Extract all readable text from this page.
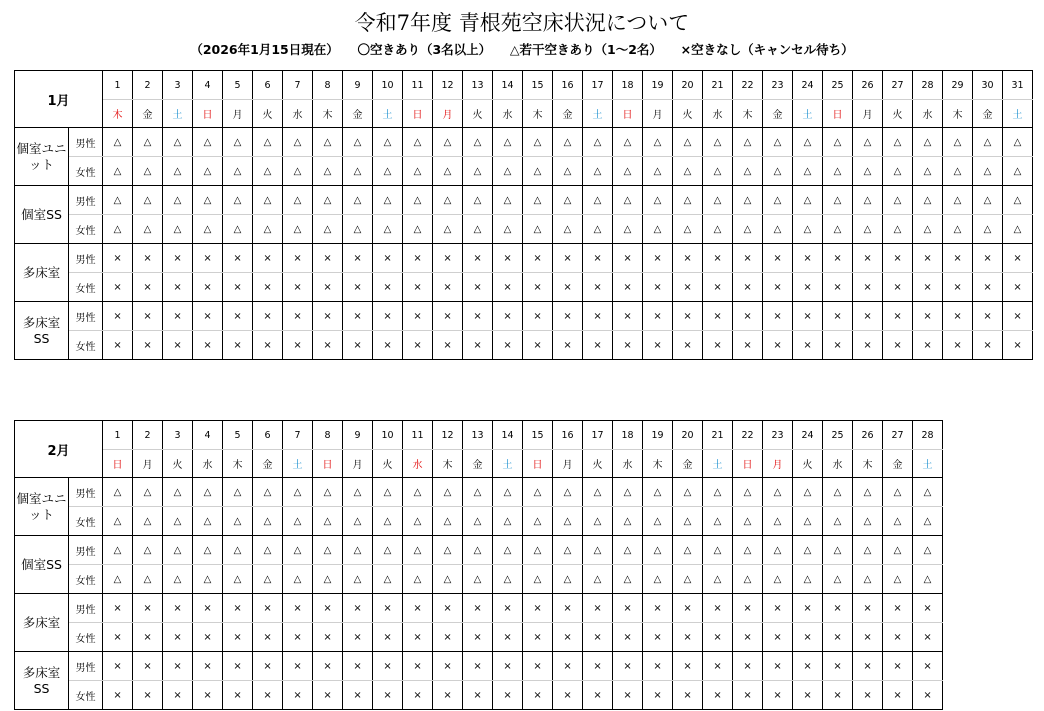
令和7年度 青根苑空床状況について
（2026年1月15日現在）　　〇空きあり（3名以上）　　△若干空きあり（1～2名）　　×空きなし（キャンセル待ち）
1月		1	2	3	4	5	6	7	8	9	10	11	12	13	14	15	16	17	18	19	20	21	22	23	24	25	26	27	28	29	30	31
		木	金	土	日	月	火	水	木	金	土	日	月	火	水	木	金	土	日	月	火	水	木	金	土	日	月	火	水	木	金	土
個室ユニット	男性	△	△	△	△	△	△	△	△	△	△	△	△	△	△	△	△	△	△	△	△	△	△	△	△	△	△	△	△	△	△	△
	女性	△	△	△	△	△	△	△	△	△	△	△	△	△	△	△	△	△	△	△	△	△	△	△	△	△	△	△	△	△	△	△
個室SS	男性	△	△	△	△	△	△	△	△	△	△	△	△	△	△	△	△	△	△	△	△	△	△	△	△	△	△	△	△	△	△	△
	女性	△	△	△	△	△	△	△	△	△	△	△	△	△	△	△	△	△	△	△	△	△	△	△	△	△	△	△	△	△	△	△
多床室	男性	×	×	×	×	×	×	×	×	×	×	×	×	×	×	×	×	×	×	×	×	×	×	×	×	×	×	×	×	×	×	×
	女性	×	×	×	×	×	×	×	×	×	×	×	×	×	×	×	×	×	×	×	×	×	×	×	×	×	×	×	×	×	×	×
多床室SS	男性	×	×	×	×	×	×	×	×	×	×	×	×	×	×	×	×	×	×	×	×	×	×	×	×	×	×	×	×	×	×	×
	女性	×	×	×	×	×	×	×	×	×	×	×	×	×	×	×	×	×	×	×	×	×	×	×	×	×	×	×	×	×	×	×
2月		1	2	3	4	5	6	7	8	9	10	11	12	13	14	15	16	17	18	19	20	21	22	23	24	25	26	27	28
		日	月	火	水	木	金	土	日	月	火	水	木	金	土	日	月	火	水	木	金	土	日	月	火	水	木	金	土
個室ユニット	男性	△	△	△	△	△	△	△	△	△	△	△	△	△	△	△	△	△	△	△	△	△	△	△	△	△	△	△	△
	女性	△	△	△	△	△	△	△	△	△	△	△	△	△	△	△	△	△	△	△	△	△	△	△	△	△	△	△	△
個室SS	男性	△	△	△	△	△	△	△	△	△	△	△	△	△	△	△	△	△	△	△	△	△	△	△	△	△	△	△	△
	女性	△	△	△	△	△	△	△	△	△	△	△	△	△	△	△	△	△	△	△	△	△	△	△	△	△	△	△	△
多床室	男性	×	×	×	×	×	×	×	×	×	×	×	×	×	×	×	×	×	×	×	×	×	×	×	×	×	×	×	×
	女性	×	×	×	×	×	×	×	×	×	×	×	×	×	×	×	×	×	×	×	×	×	×	×	×	×	×	×	×
多床室SS	男性	×	×	×	×	×	×	×	×	×	×	×	×	×	×	×	×	×	×	×	×	×	×	×	×	×	×	×	×
	女性	×	×	×	×	×	×	×	×	×	×	×	×	×	×	×	×	×	×	×	×	×	×	×	×	×	×	×	×
